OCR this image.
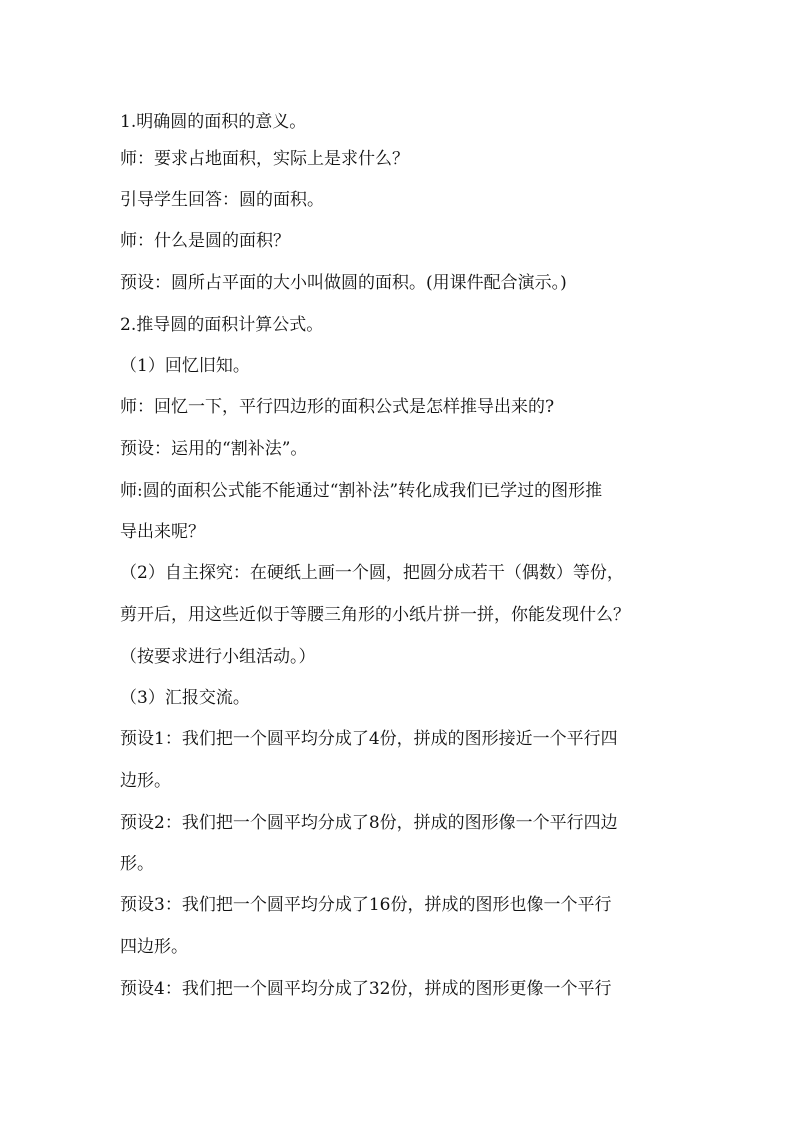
1.明确圆的面积的意义。
师：要求占地面积，实际上是求什么？
引导学生回答：圆的面积。
师：什么是圆的面积？
预设：圆所占平面的大小叫做圆的面积。(用课件配合演示。)
2.推导圆的面积计算公式。
（1）回忆旧知。
师：回忆一下，平行四边形的面积公式是怎样推导出来的?
预设：运用的“割补法”。
师:圆的面积公式能不能通过“割补法”转化成我们已学过的图形推
导出来呢？
（2）自主探究：在硬纸上画一个圆，把圆分成若干（偶数）等份，
剪开后，用这些近似于等腰三角形的小纸片拼一拼，你能发现什么？
（按要求进行小组活动。）
（3）汇报交流。
预设1：我们把一个圆平均分成了4份，拼成的图形接近一个平行四
边形。
预设2：我们把一个圆平均分成了8份，拼成的图形像一个平行四边
形。
预设3：我们把一个圆平均分成了16份，拼成的图形也像一个平行
四边形。
预设4：我们把一个圆平均分成了32份，拼成的图形更像一个平行
